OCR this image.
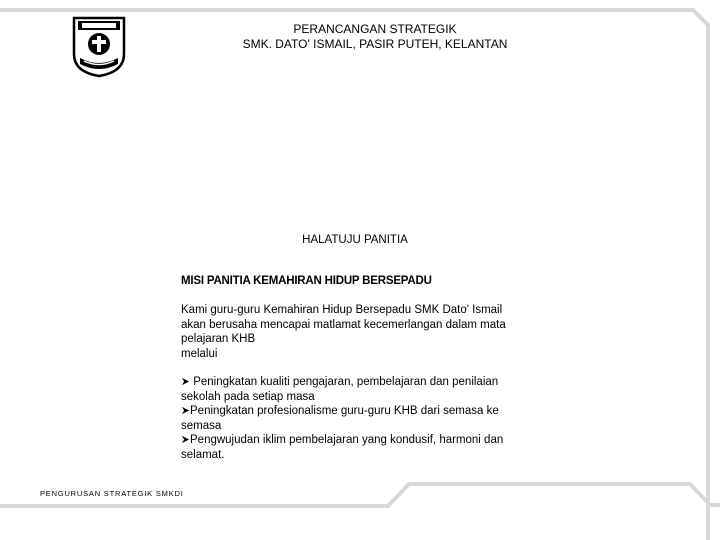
PERANCANGAN STRATEGIK
SMK. DATO' ISMAIL, PASIR PUTEH, KELANTAN
HALATUJU PANITIA
MISI PANITIA KEMAHIRAN HIDUP BERSEPADU
Kami guru-guru Kemahiran Hidup Bersepadu SMK Dato' Ismail
akan berusaha mencapai matlamat kecemerlangan dalam mata
pelajaran KHB
melalui
Peningkatan kualiti pengajaran, pembelajaran dan penilaian
sekolah pada setiap masa
Peningkatan profesionalisme guru-guru KHB dari semasa ke
semasa
Pengwujudan iklim pembelajaran yang kondusif, harmoni dan
selamat.
PENGURUSAN STRATEGIK SMKDI
